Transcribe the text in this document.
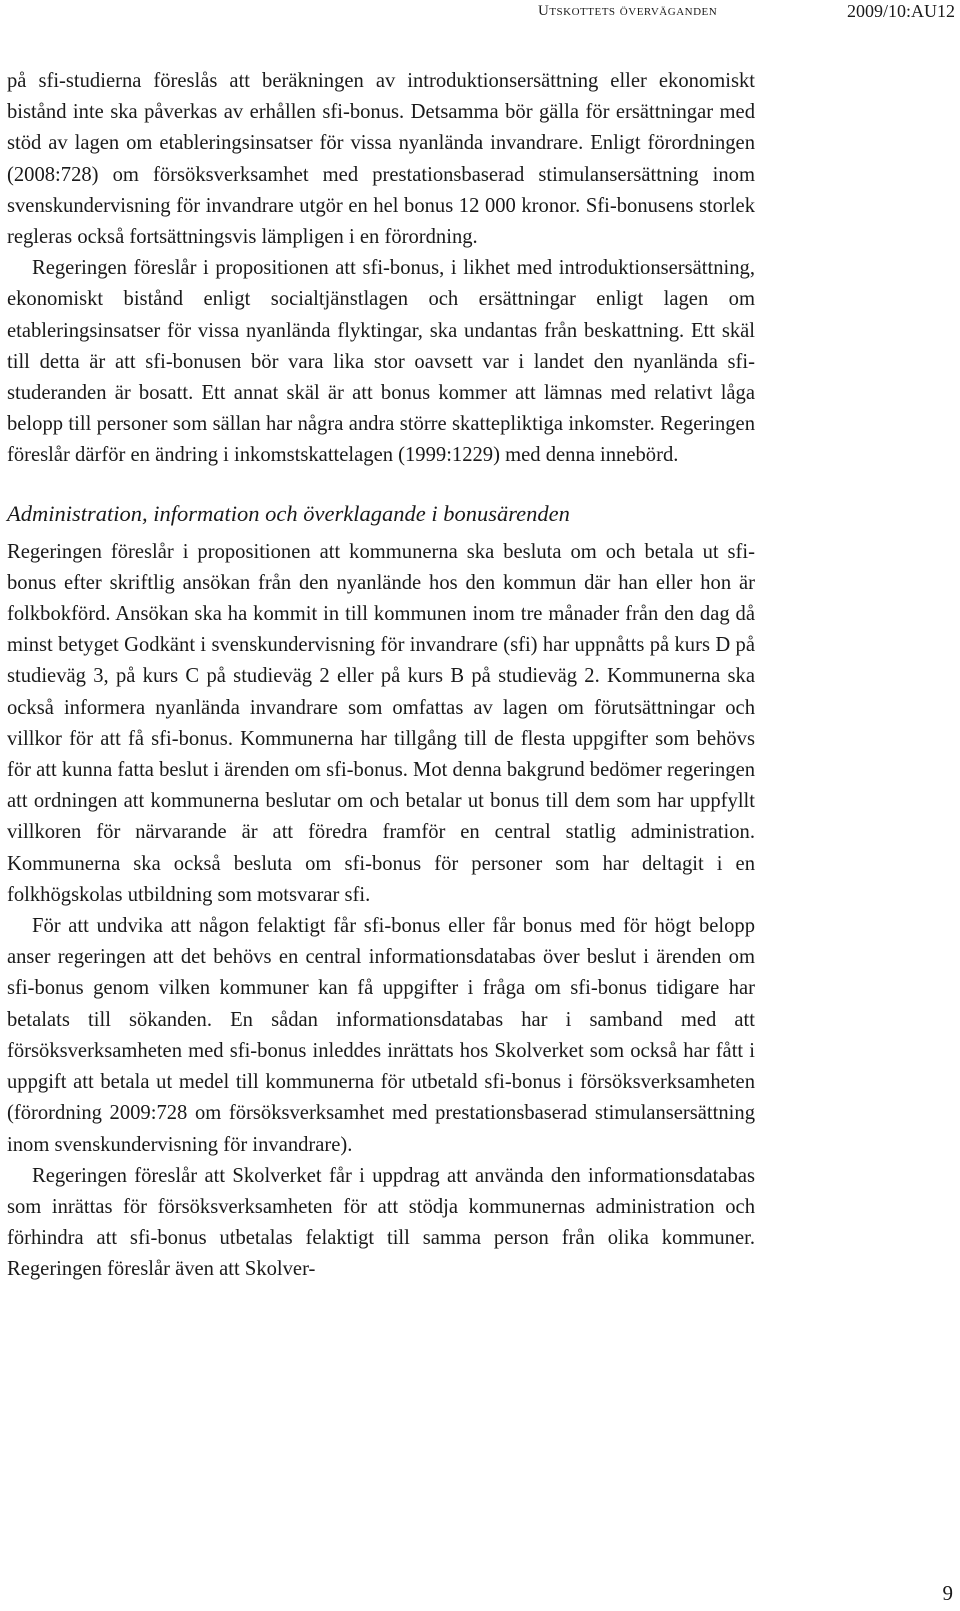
Utskottets överväganden	2009/10:AU12

på sfi-studierna föreslås att beräkningen av introduktionsersättning eller ekonomiskt bistånd inte ska påverkas av erhållen sfi-bonus. Detsamma bör gälla för ersättningar med stöd av lagen om etableringsinsatser för vissa nyanlända invandrare. Enligt förordningen (2008:728) om försöksverksamhet med prestationsbaserad stimulansersättning inom svenskundervisning för invandrare utgör en hel bonus 12 000 kronor. Sfi-bonusens storlek regleras också fortsättningsvis lämpligen i en förordning.

Regeringen föreslår i propositionen att sfi-bonus, i likhet med introduktionsersättning, ekonomiskt bistånd enligt socialtjänstlagen och ersättningar enligt lagen om etableringsinsatser för vissa nyanlända flyktingar, ska undantas från beskattning. Ett skäl till detta är att sfi-bonusen bör vara lika stor oavsett var i landet den nyanlända sfi-studeranden är bosatt. Ett annat skäl är att bonus kommer att lämnas med relativt låga belopp till personer som sällan har några andra större skattepliktiga inkomster. Regeringen föreslår därför en ändring i inkomstskattelagen (1999:1229) med denna innebörd.

Administration, information och överklagande i bonusärenden

Regeringen föreslår i propositionen att kommunerna ska besluta om och betala ut sfi-bonus efter skriftlig ansökan från den nyanlände hos den kommun där han eller hon är folkbokförd. Ansökan ska ha kommit in till kommunen inom tre månader från den dag då minst betyget Godkänt i svenskundervisning för invandrare (sfi) har uppnåtts på kurs D på studieväg 3, på kurs C på studieväg 2 eller på kurs B på studieväg 2. Kommunerna ska också informera nyanlända invandrare som omfattas av lagen om förutsättningar och villkor för att få sfi-bonus. Kommunerna har tillgång till de flesta uppgifter som behövs för att kunna fatta beslut i ärenden om sfi-bonus. Mot denna bakgrund bedömer regeringen att ordningen att kommunerna beslutar om och betalar ut bonus till dem som har uppfyllt villkoren för närvarande är att föredra framför en central statlig administration. Kommunerna ska också besluta om sfi-bonus för personer som har deltagit i en folkhögskolas utbildning som motsvarar sfi.

För att undvika att någon felaktigt får sfi-bonus eller får bonus med för högt belopp anser regeringen att det behövs en central informationsdatabas över beslut i ärenden om sfi-bonus genom vilken kommuner kan få uppgifter i fråga om sfi-bonus tidigare har betalats till sökanden. En sådan informationsdatabas har i samband med att försöksverksamheten med sfi-bonus inleddes inrättats hos Skolverket som också har fått i uppgift att betala ut medel till kommunerna för utbetald sfi-bonus i försöksverksamheten (förordning 2009:728 om försöksverksamhet med prestationsbaserad stimulansersättning inom svenskundervisning för invandrare).

Regeringen föreslår att Skolverket får i uppdrag att använda den informationsdatabas som inrättas för försöksverksamheten för att stödja kommunernas administration och förhindra att sfi-bonus utbetalas felaktigt till samma person från olika kommuner. Regeringen föreslår även att Skolver-

9
